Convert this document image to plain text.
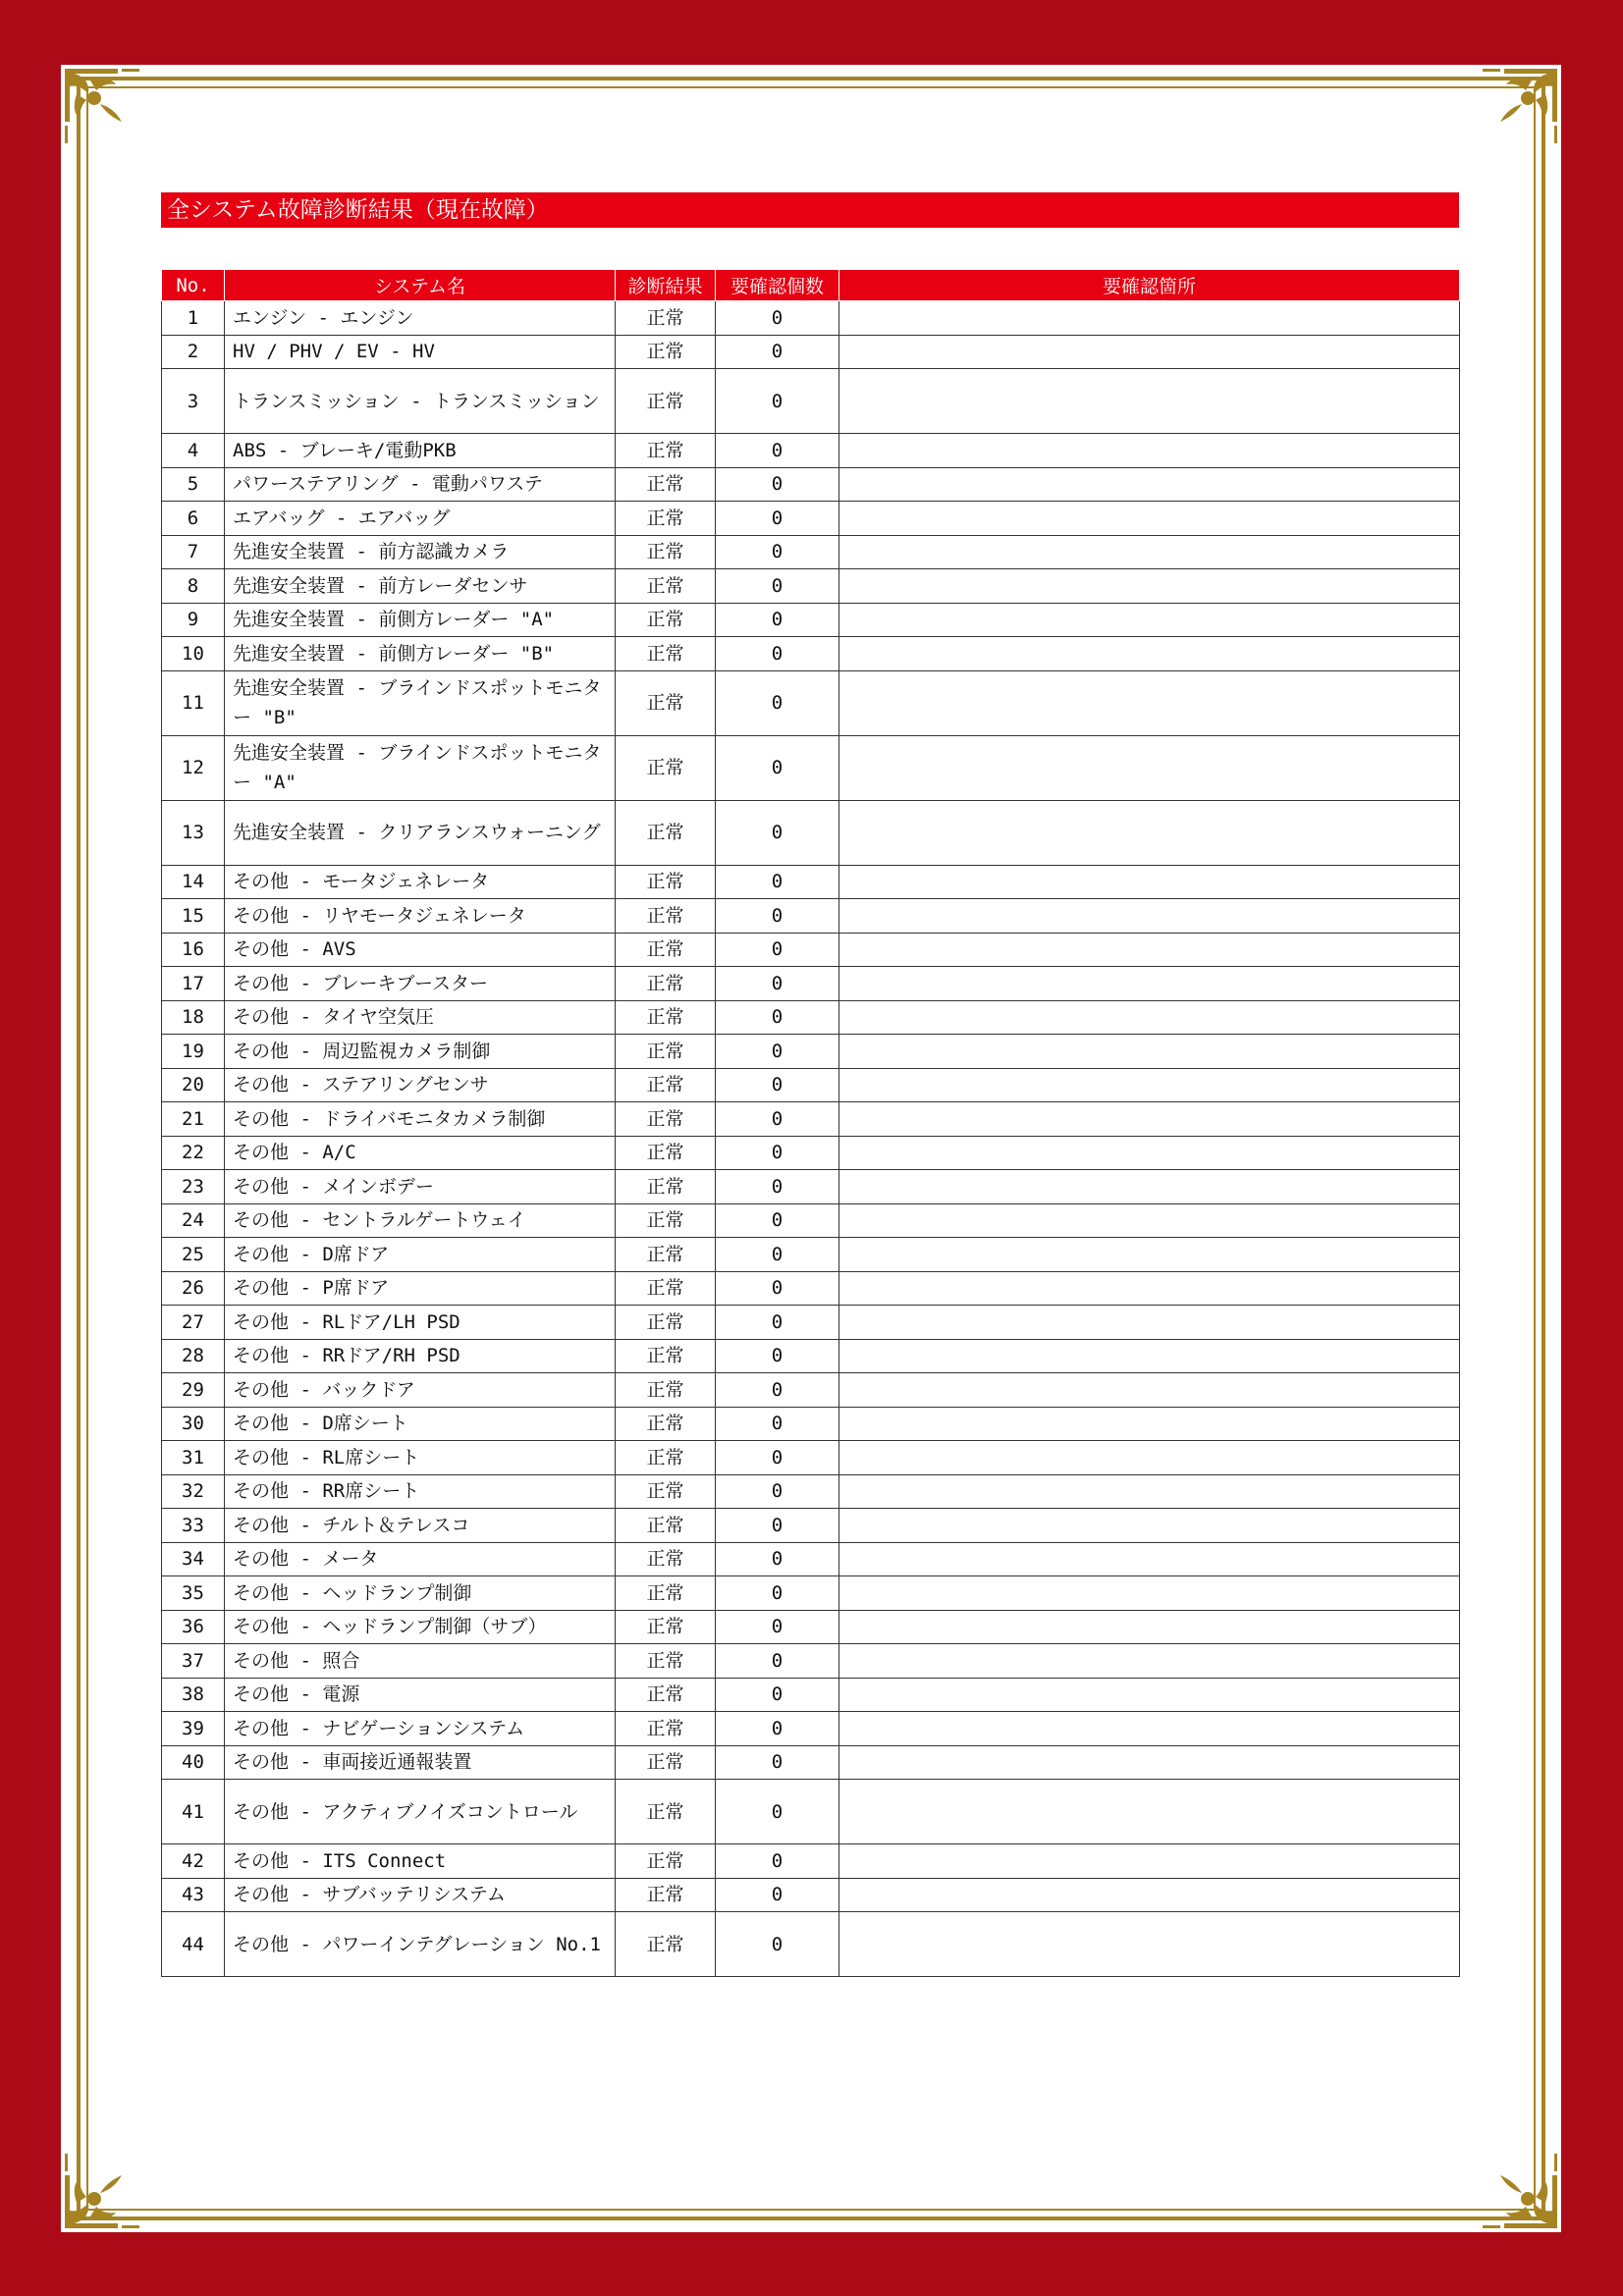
全システム故障診断結果（現在故障）
No.	システム名	診断結果	要確認個数	要確認箇所
1	エンジン - エンジン	正常	0	
2	HV / PHV / EV - HV	正常	0	
3	トランスミッション - トランスミッション	正常	0	
4	ABS - ブレーキ/電動PKB	正常	0	
5	パワーステアリング - 電動パワステ	正常	0	
6	エアバッグ - エアバッグ	正常	0	
7	先進安全装置 - 前方認識カメラ	正常	0	
8	先進安全装置 - 前方レーダセンサ	正常	0	
9	先進安全装置 - 前側方レーダー "A"	正常	0	
10	先進安全装置 - 前側方レーダー "B"	正常	0	
11	先進安全装置 - ブラインドスポットモニター "B"	正常	0	
12	先進安全装置 - ブラインドスポットモニター "A"	正常	0	
13	先進安全装置 - クリアランスウォーニング	正常	0	
14	その他 - モータジェネレータ	正常	0	
15	その他 - リヤモータジェネレータ	正常	0	
16	その他 - AVS	正常	0	
17	その他 - ブレーキブースター	正常	0	
18	その他 - タイヤ空気圧	正常	0	
19	その他 - 周辺監視カメラ制御	正常	0	
20	その他 - ステアリングセンサ	正常	0	
21	その他 - ドライバモニタカメラ制御	正常	0	
22	その他 - A/C	正常	0	
23	その他 - メインボデー	正常	0	
24	その他 - セントラルゲートウェイ	正常	0	
25	その他 - D席ドア	正常	0	
26	その他 - P席ドア	正常	0	
27	その他 - RLドア/LH PSD	正常	0	
28	その他 - RRドア/RH PSD	正常	0	
29	その他 - バックドア	正常	0	
30	その他 - D席シート	正常	0	
31	その他 - RL席シート	正常	0	
32	その他 - RR席シート	正常	0	
33	その他 - チルト＆テレスコ	正常	0	
34	その他 - メータ	正常	0	
35	その他 - ヘッドランプ制御	正常	0	
36	その他 - ヘッドランプ制御（サブ）	正常	0	
37	その他 - 照合	正常	0	
38	その他 - 電源	正常	0	
39	その他 - ナビゲーションシステム	正常	0	
40	その他 - 車両接近通報装置	正常	0	
41	その他 - アクティブノイズコントロール	正常	0	
42	その他 - ITS Connect	正常	0	
43	その他 - サブバッテリシステム	正常	0	
44	その他 - パワーインテグレーション No.1	正常	0	
